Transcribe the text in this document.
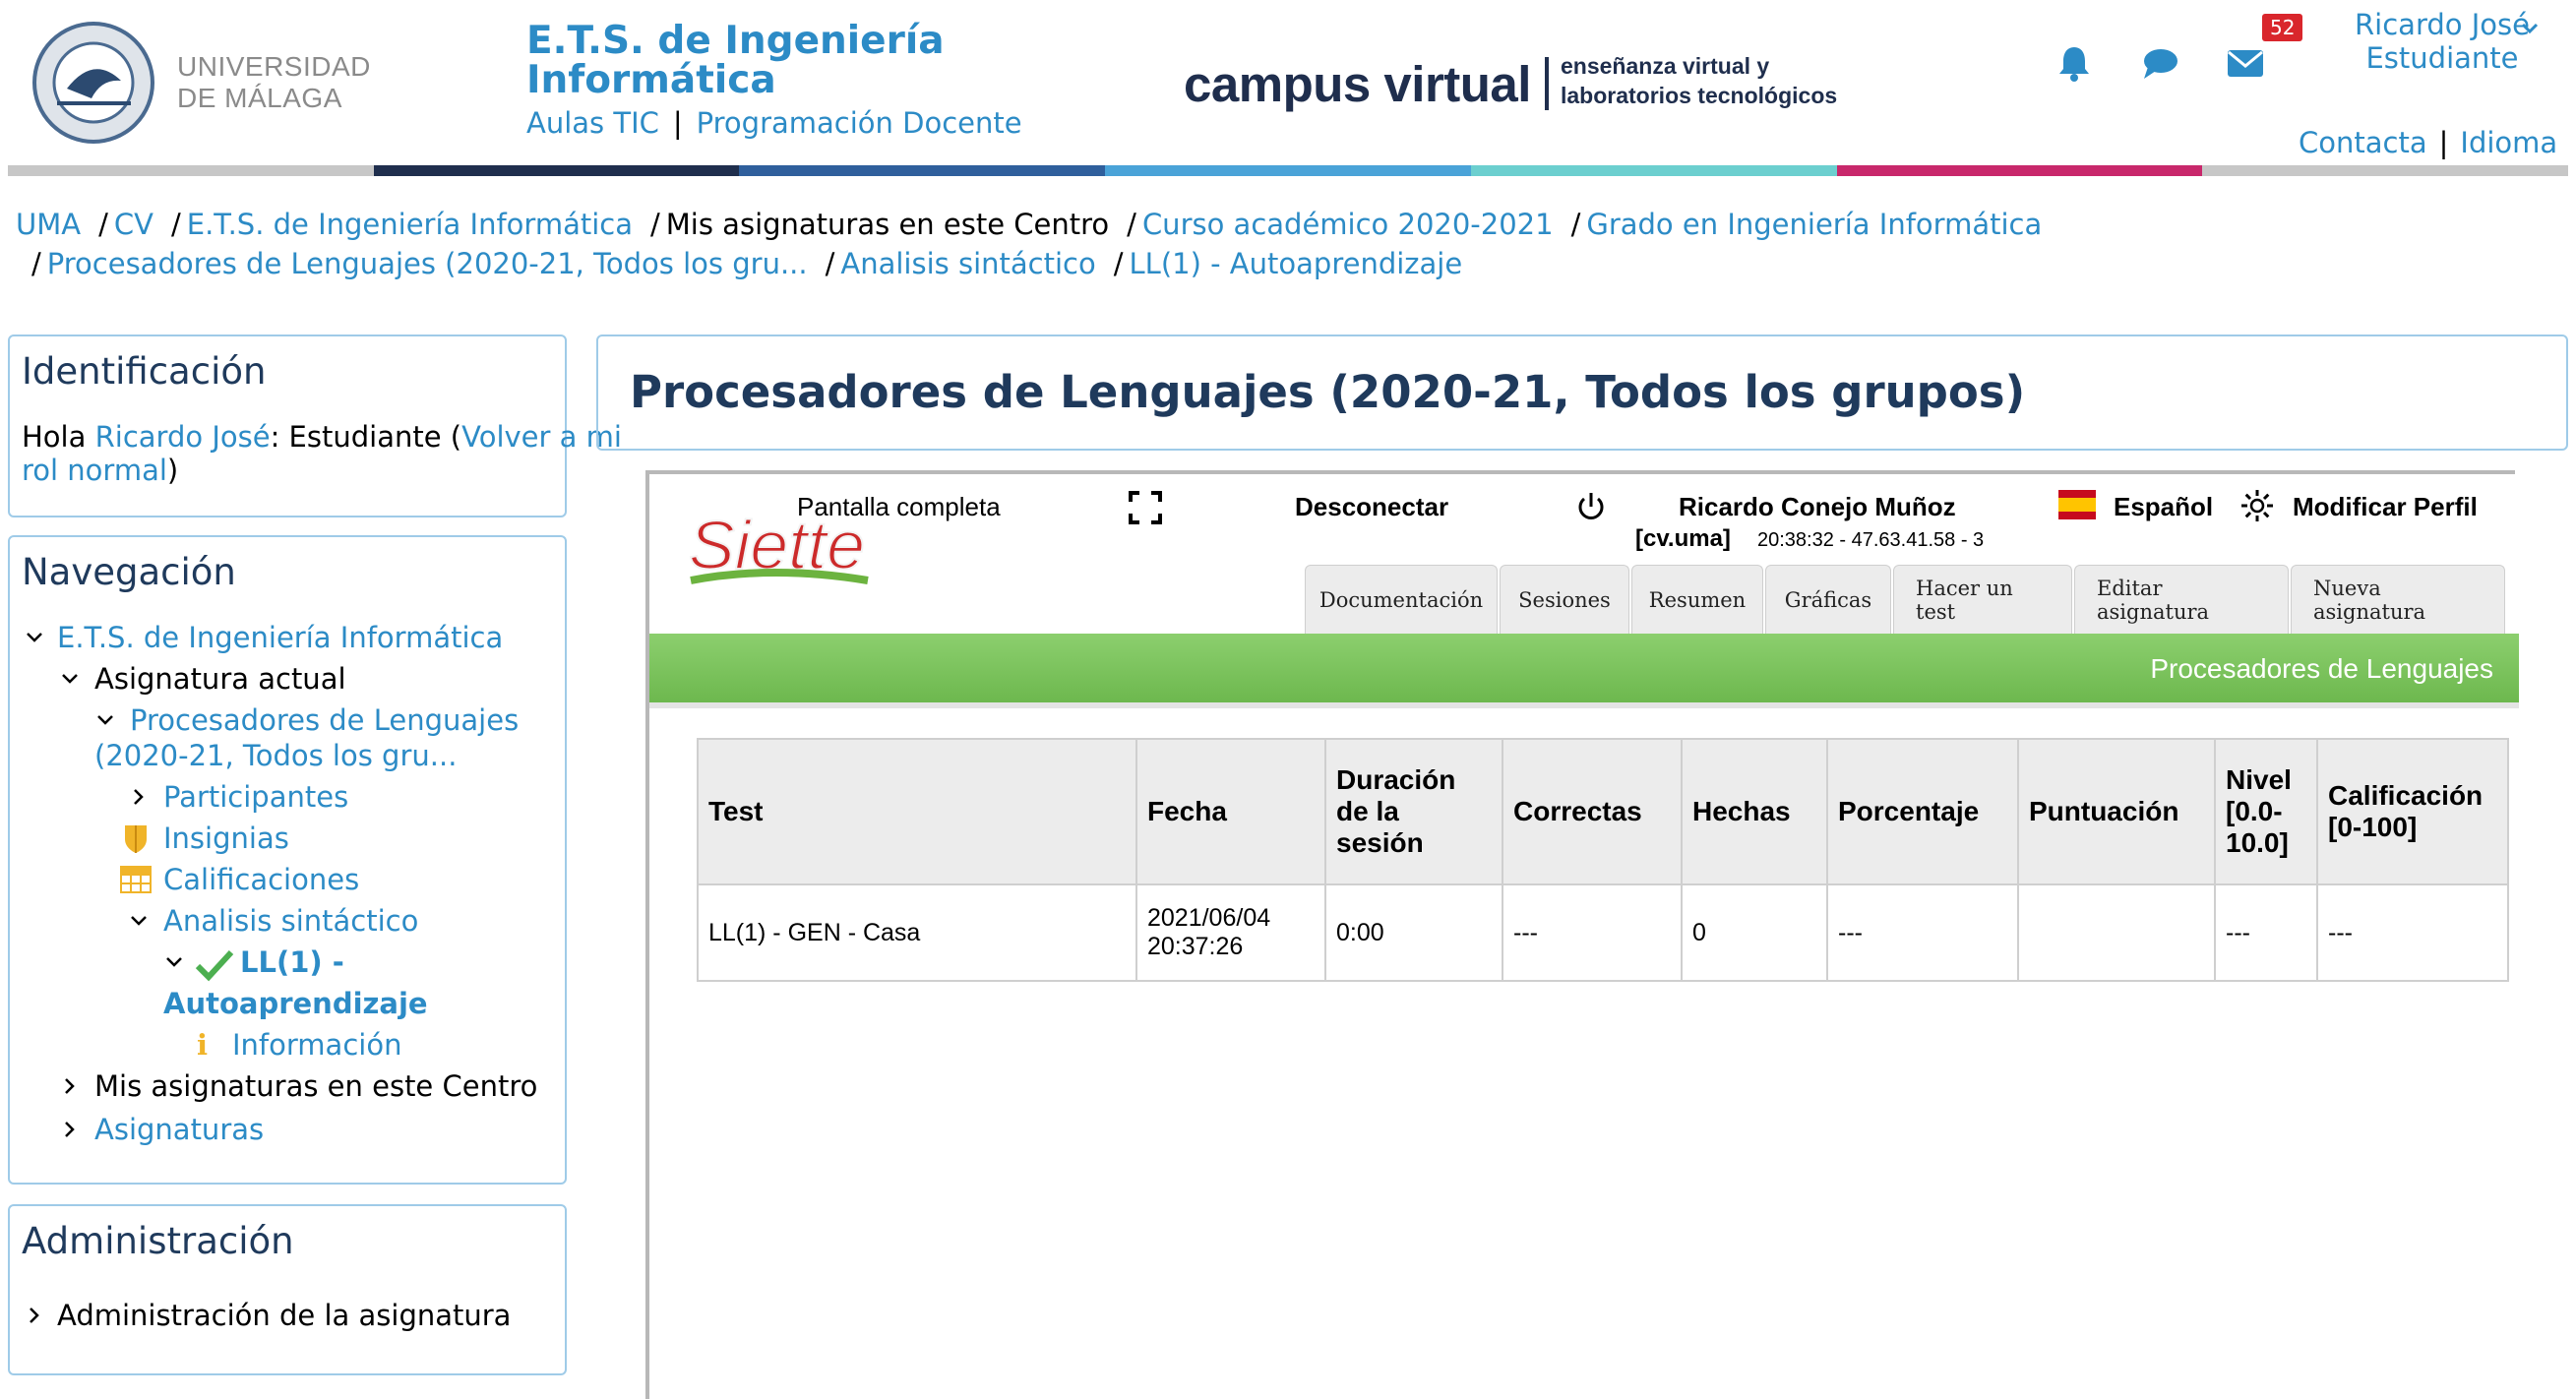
UNIVERSIDAD
DE MÁLAGA
E.T.S. de Ingeniería
Informática
Aulas TIC | Programación Docente
campus virtual enseñanza virtual y
laboratorios tecnológicos
52	Ricardo José
Estudiante
Contacta | Idioma
UMA / CV / E.T.S. de Ingeniería Informática / Mis asignaturas en este Centro / Curso académico 2020-2021 / Grado en Ingeniería Informática
/ Procesadores de Lenguajes (2020-21, Todos los gru... / Analisis sintáctico / LL(1) - Autoaprendizaje
Identificación
Hola Ricardo José: Estudiante (Volver a mi
rol normal)
Navegación
E.T.S. de Ingeniería Informática
Asignatura actual
Procesadores de Lenguajes
(2020-21, Todos los gru...
Participantes
Insignias
Calificaciones
Analisis sintáctico
LL(1) -
Autoaprendizaje
ℹ Información
Mis asignaturas en este Centro
Asignaturas
Administración
Administración de la asignatura
Procesadores de Lenguajes (2020-21, Todos los grupos)
Siette
Pantalla completa	Desconectar	Ricardo Conejo Muñoz
[cv.uma] 20:38:32 - 47.63.41.58 - 3
Español	Modificar Perfil
Documentación	Sesiones	Resumen	Gráficas	Hacer un test
Editar asignatura
Nueva asignatura
Procesadores de Lenguajes
Test	Fecha	Duración
de la
sesión	Correctas	Hechas	Porcentaje	Puntuación	Nivel
[0.0-
10.0]	Calificación
[0-100]
LL(1) - GEN - Casa	2021/06/04
20:37:26	0:00	---	0	---		---	---
